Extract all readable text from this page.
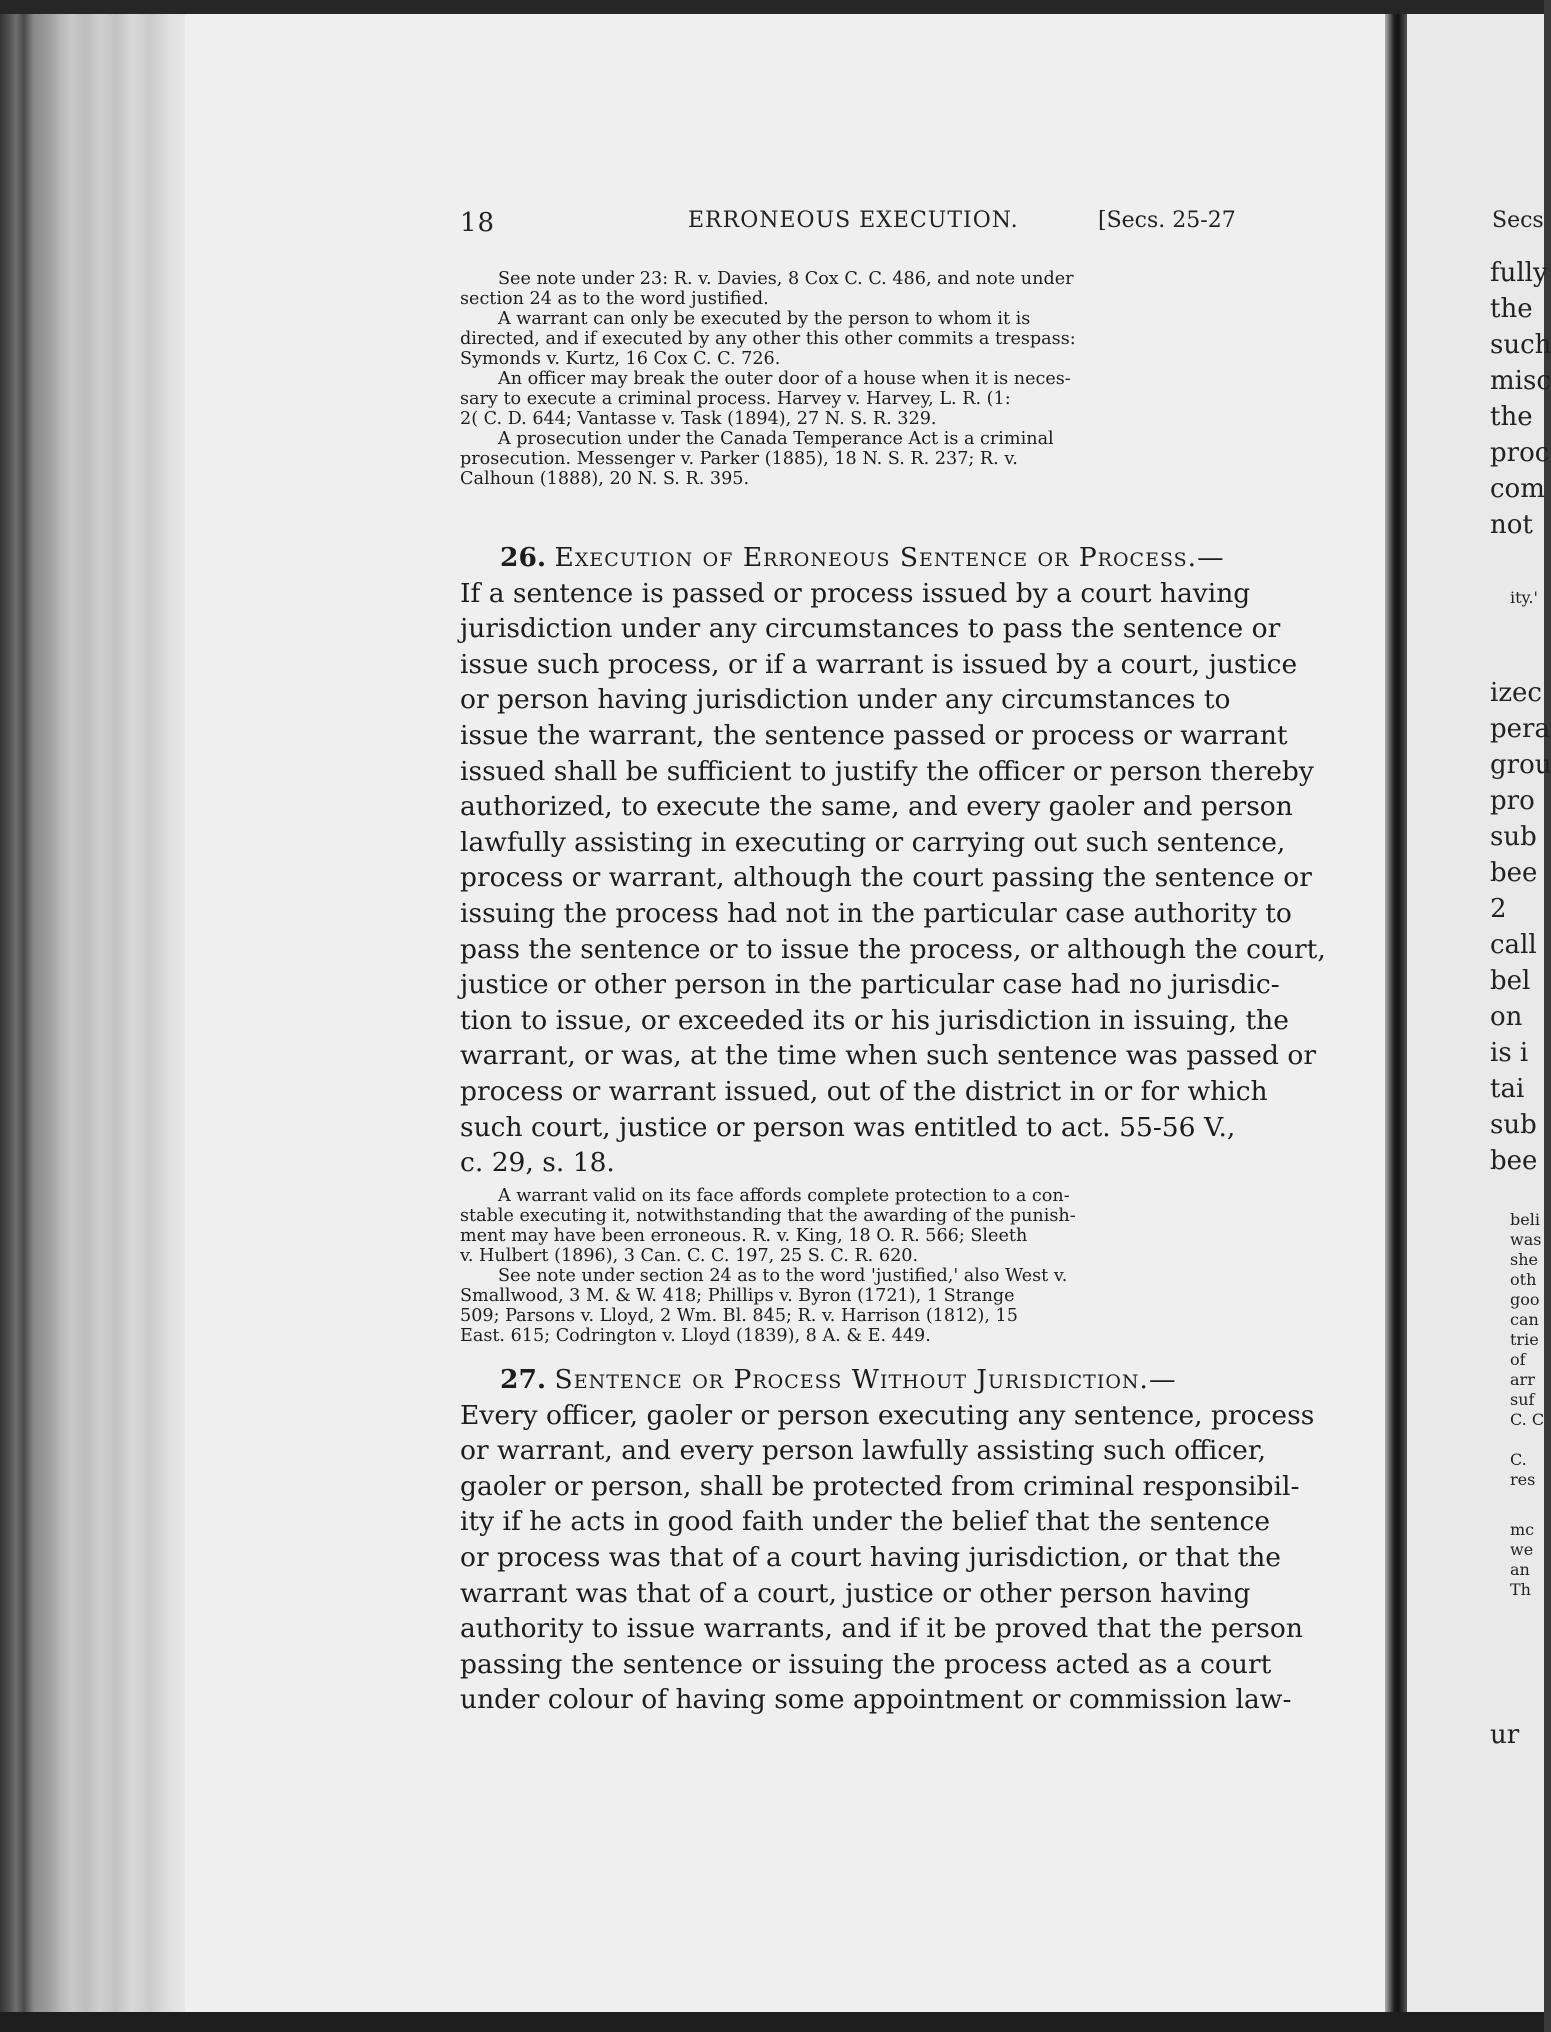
18	ERRONEOUS EXECUTION.	[Secs. 25-27
See note under 23: R. v. Davies, 8 Cox C. C. 486, and note under
section 24 as to the word justified.
A warrant can only be executed by the person to whom it is
directed, and if executed by any other this other commits a trespass:
Symonds v. Kurtz, 16 Cox C. C. 726.
An officer may break the outer door of a house when it is neces-
sary to execute a criminal process. Harvey v. Harvey, L. R. (1:
2( C. D. 644; Vantasse v. Task (1894), 27 N. S. R. 329.
A prosecution under the Canada Temperance Act is a criminal
prosecution. Messenger v. Parker (1885), 18 N. S. R. 237; R. v.
Calhoun (1888), 20 N. S. R. 395.
26. Execution of Erroneous Sentence or Process.—
If a sentence is passed or process issued by a court having
jurisdiction under any circumstances to pass the sentence or
issue such process, or if a warrant is issued by a court, justice
or person having jurisdiction under any circumstances to
issue the warrant, the sentence passed or process or warrant
issued shall be sufficient to justify the officer or person thereby
authorized, to execute the same, and every gaoler and person
lawfully assisting in executing or carrying out such sentence,
process or warrant, although the court passing the sentence or
issuing the process had not in the particular case authority to
pass the sentence or to issue the process, or although the court,
justice or other person in the particular case had no jurisdic-
tion to issue, or exceeded its or his jurisdiction in issuing, the
warrant, or was, at the time when such sentence was passed or
process or warrant issued, out of the district in or for which
such court, justice or person was entitled to act. 55-56 V.,
c. 29, s. 18.
A warrant valid on its face affords complete protection to a con-
stable executing it, notwithstanding that the awarding of the punish-
ment may have been erroneous. R. v. King, 18 O. R. 566; Sleeth
v. Hulbert (1896), 3 Can. C. C. 197, 25 S. C. R. 620.
See note under section 24 as to the word 'justified,' also West v.
Smallwood, 3 M. & W. 418; Phillips v. Byron (1721), 1 Strange
509; Parsons v. Lloyd, 2 Wm. Bl. 845; R. v. Harrison (1812), 15
East. 615; Codrington v. Lloyd (1839), 8 A. & E. 449.
27. Sentence or Process Without Jurisdiction.—
Every officer, gaoler or person executing any sentence, process
or warrant, and every person lawfully assisting such officer,
gaoler or person, shall be protected from criminal responsibil-
ity if he acts in good faith under the belief that the sentence
or process was that of a court having jurisdiction, or that the
warrant was that of a court, justice or other person having
authority to issue warrants, and if it be proved that the person
passing the sentence or issuing the process acted as a court
under colour of having some appointment or commission law-
Secs
fully
the
such
misc
the
proc
com
not
ity.'
izec
pera
grou
pro
sub
bee
2
call
bel
on
is i
tai
sub
bee
beli
was
she
oth
goo
can
trie
of
arr
suf
C. C
C.
res
mc
we
an
Th
ur
